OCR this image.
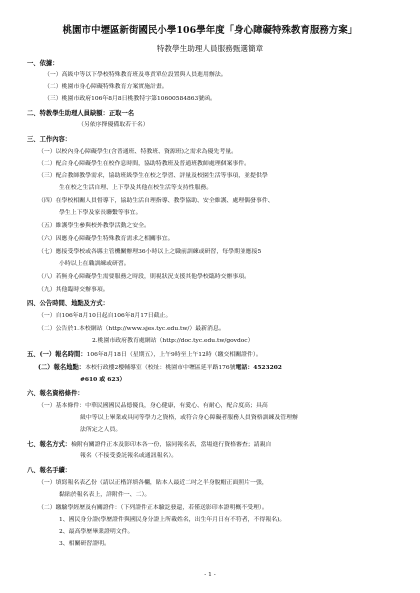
桃園市中壢區新街國民小學106學年度「身心障礙特殊教育服務方案」
特教學生助理人員服務甄選簡章
一、依據：
（一）高級中等以下學校特殊教育班及專責單位設置與人員進用辦法。
（二）桃園市身心障礙特殊教育方案實施計畫。
（三）桃園市政府106年8月8日桃教特字第10600584863號函。
二、特教學生助理人員缺額：正取一名
（另依序擇優備取若干名）
三、工作內容：
（一）以校內身心障礙學生(含普通班、特教班、資源班)之需求為優先考量。
（二）配合身心障礙學生在校作息時間，協助特教班及普通班教師處理個案事件。
（三）配合教師教學需求，協助班級學生在校之學習、評量及校園生活等事項，並提供學
生在校之生活自理、上下學及其他在校生活等支持性服務。
（四）在學校相關人員督導下，協助生活自理指導、教學協助、安全維護、處理偶發事件、
學生上下學及家長聯繫等事宜。
（五）維護學生參與校外教學活動之安全。
（六）因應身心障礙學生特殊教育需求之相關事宜。
（七）應接受學校或各縣主管機關辦理36小時以上之職前訓練或研習，每學期並應接5
小時以上在職訓練或研習。
（八）若無身心障礙學生需要服務之時段，則視狀況支援其他學校臨時交辦事項。
（九）其他臨時交辦事項。
四、公告時間、地點及方式：
（一）自106年8月10日起自106年8月17日截止。
（二）公告於1.本校網站（http://www.sjes.tyc.edu.tw/）最新消息。
2.桃園市政府教育處網站（http://doc.tyc.edu.tw/govdoc）
五、(一）報名時間：106年8月18日（星期五），上午9時至上午12時（繳交相關證件）。
(二）報名地點：本校行政樓2樓輔導室（校址：桃園市中壢區延平路176號電話：4523202
#610 或 623）
六、報名資格條件：
（一）基本條件：中華民國國民品德優良，身心健康，有愛心、有耐心，配合度高；具高
級中等以上畢業或具同等學力之資格，或符合身心障礙者服務人員資格訓練及管理辦
法所定之人員。
七、報名方式：檢附有關證件正本及影印本各一份，協同報名表，當場進行資格審查；請親自
報名（不接受委託報名或通訊報名）。
八、報名手續：
（一）填寫報名表乙份（請以正楷詳填各欄，貼本人最近二吋之半身脫帽正面照片一張，
黏貼於報名表上，詳附件一、二）。
（二）繳驗學經歷及有關證件：（下列證件正本驗訖發還，若僅送影印本證明概不受理）。
1、國民身分證(學歷證件與國民身分證上所載姓名，出生年月日有不符者，不得報名)。
2、最高學歷畢業證明文件。
3、相關研習證明。
- 1 -
